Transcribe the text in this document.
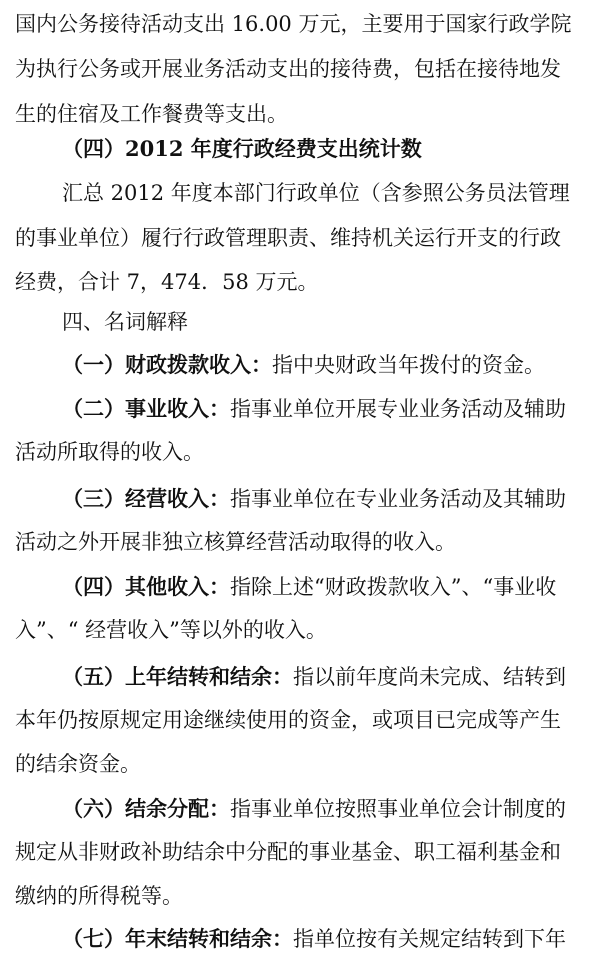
国内公务接待活动支出 16.00 万元，主要用于国家行政学院
为执行公务或开展业务活动支出的接待费，包括在接待地发
生的住宿及工作餐费等支出。
（四）2012 年度行政经费支出统计数
汇总 2012 年度本部门行政单位（含参照公务员法管理
的事业单位）履行行政管理职责、维持机关运行开支的行政
经费，合计 7，474．58 万元。
四、名词解释
（一）财政拨款收入：指中央财政当年拨付的资金。
（二）事业收入：指事业单位开展专业业务活动及辅助
活动所取得的收入。
（三）经营收入：指事业单位在专业业务活动及其辅助
活动之外开展非独立核算经营活动取得的收入。
（四）其他收入：指除上述“财政拨款收入”、“事业收
入”、“ 经营收入”等以外的收入。
（五）上年结转和结余：指以前年度尚未完成、结转到
本年仍按原规定用途继续使用的资金，或项目已完成等产生
的结余资金。
（六）结余分配：指事业单位按照事业单位会计制度的
规定从非财政补助结余中分配的事业基金、职工福利基金和
缴纳的所得税等。
（七）年末结转和结余：指单位按有关规定结转到下年
